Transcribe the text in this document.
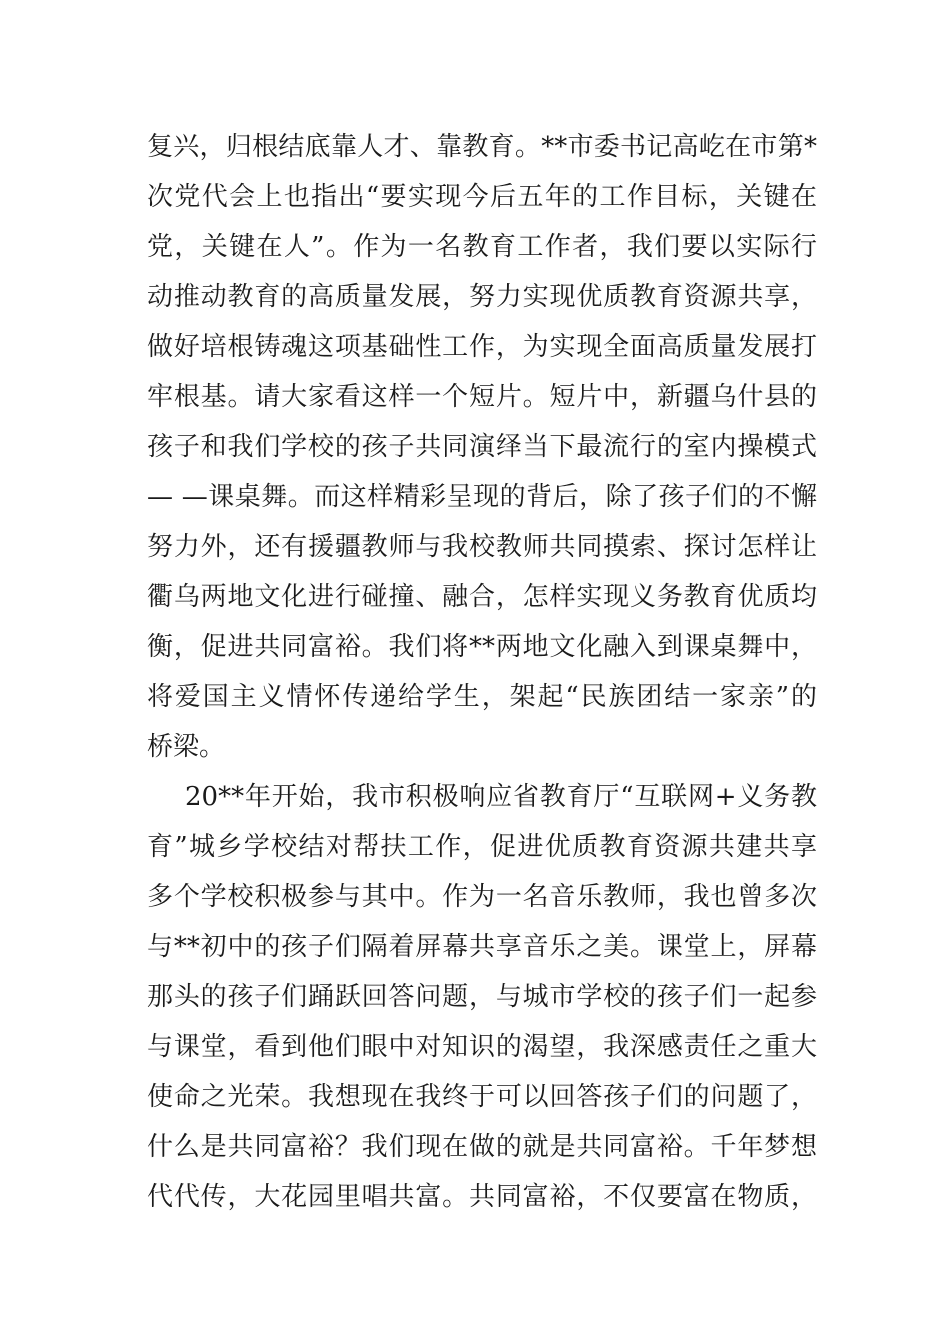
复兴，归根结底靠人才、靠教育。**市委书记高屹在市第*
次党代会上也指出“要实现今后五年的工作目标，关键在
党，关键在人”。作为一名教育工作者，我们要以实际行
动推动教育的高质量发展，努力实现优质教育资源共享，
做好培根铸魂这项基础性工作，为实现全面高质量发展打
牢根基。请大家看这样一个短片。短片中，新疆乌什县的
孩子和我们学校的孩子共同演绎当下最流行的室内操模式
— —课桌舞。而这样精彩呈现的背后，除了孩子们的不懈
努力外，还有援疆教师与我校教师共同摸索、探讨怎样让
衢乌两地文化进行碰撞、融合，怎样实现义务教育优质均
衡，促进共同富裕。我们将**两地文化融入到课桌舞中，
将爱国主义情怀传递给学生，架起“民族团结一家亲”的
桥梁。
20**年开始，我市积极响应省教育厅“互联网+义务教
育”城乡学校结对帮扶工作，促进优质教育资源共建共享
多个学校积极参与其中。作为一名音乐教师，我也曾多次
与**初中的孩子们隔着屏幕共享音乐之美。课堂上，屏幕
那头的孩子们踊跃回答问题，与城市学校的孩子们一起参
与课堂，看到他们眼中对知识的渴望，我深感责任之重大
使命之光荣。我想现在我终于可以回答孩子们的问题了，
什么是共同富裕？我们现在做的就是共同富裕。千年梦想
代代传，大花园里唱共富。共同富裕，不仅要富在物质，
